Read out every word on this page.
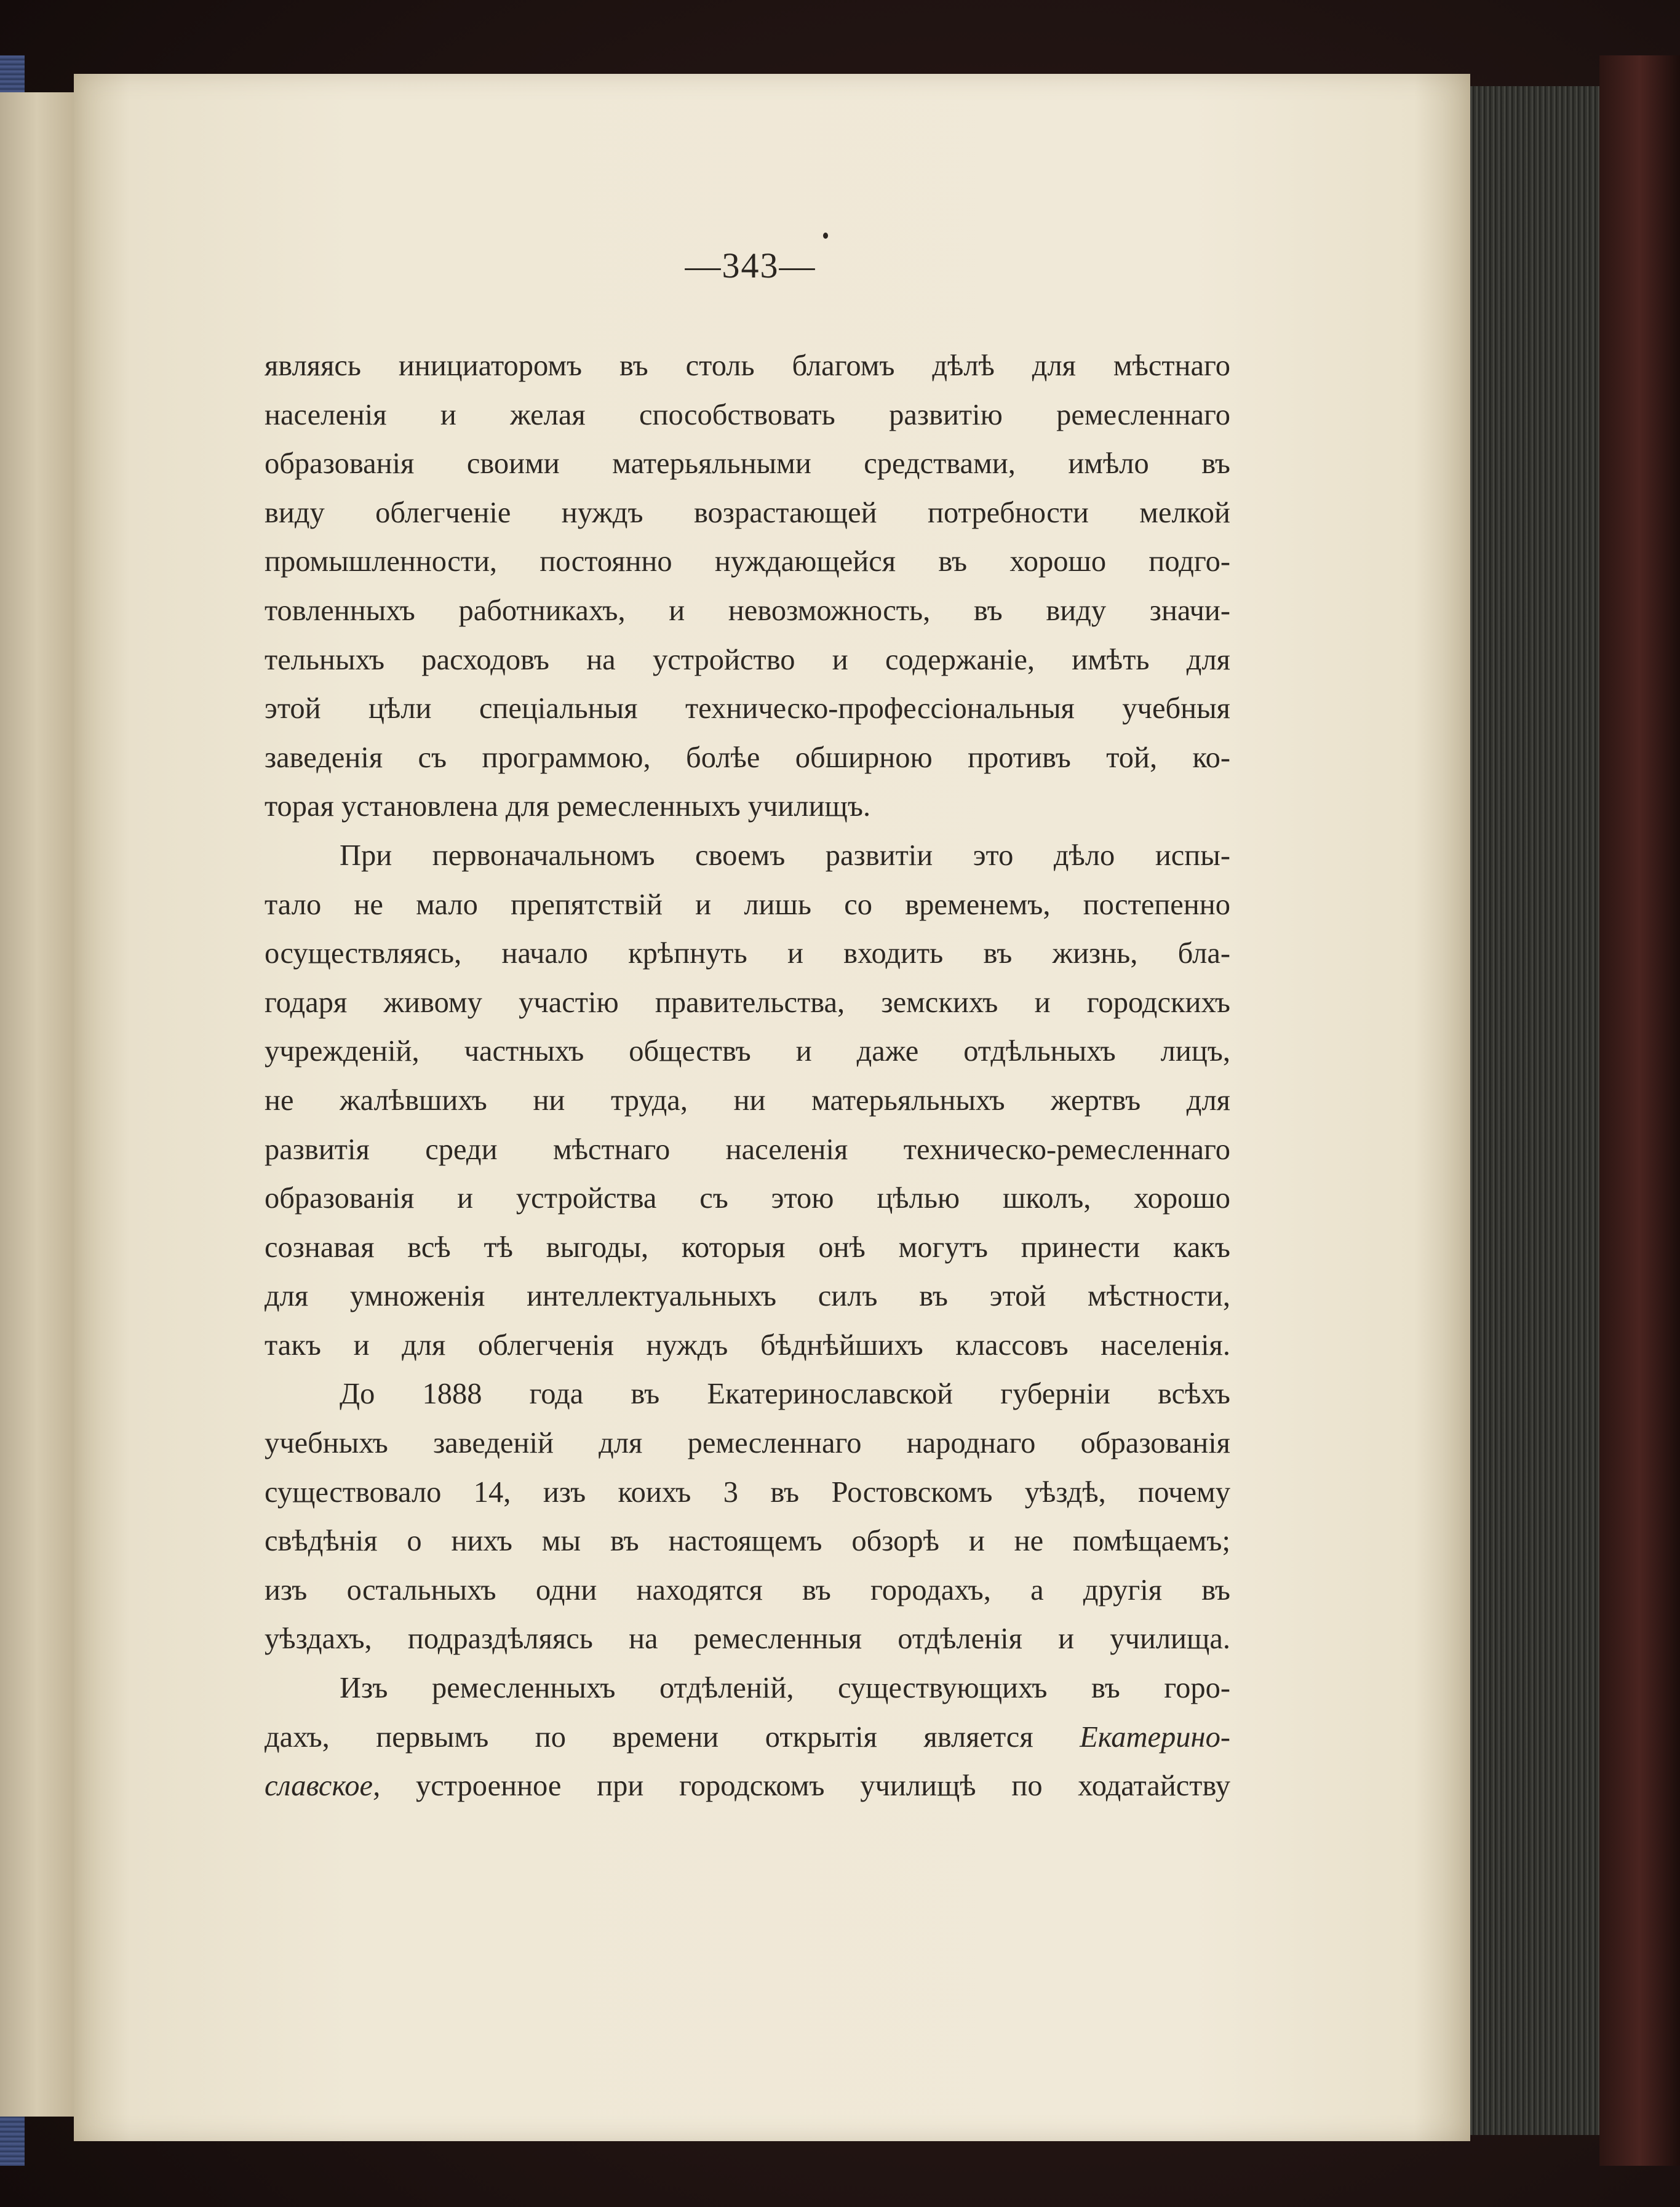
—343—
являясь инициаторомъ въ столь благомъ дѣлѣ для мѣстнаго
населенія и желая способствовать развитію ремесленнаго
образованія своими матерьяльными средствами, имѣло въ
виду облегченіе нуждъ возрастающей потребности мелкой
промышленности, постоянно нуждающейся въ хорошо подго-
товленныхъ работникахъ, и невозможность, въ виду значи-
тельныхъ расходовъ на устройство и содержаніе, имѣть для
этой цѣли спеціальныя техническо-профессіональныя учебныя
заведенія съ программою, болѣе обширною противъ той, ко-
торая установлена для ремесленныхъ училищъ.
При первоначальномъ своемъ развитіи это дѣло испы-
тало не мало препятствій и лишь со временемъ, постепенно
осуществляясь, начало крѣпнуть и входить въ жизнь, бла-
годаря живому участію правительства, земскихъ и городскихъ
учрежденій, частныхъ обществъ и даже отдѣльныхъ лицъ,
не жалѣвшихъ ни труда, ни матерьяльныхъ жертвъ для
развитія среди мѣстнаго населенія техническо-ремесленнаго
образованія и устройства съ этою цѣлью школъ, хорошо
сознавая всѣ тѣ выгоды, которыя онѣ могутъ принести какъ
для умноженія интеллектуальныхъ силъ въ этой мѣстности,
такъ и для облегченія нуждъ бѣднѣйшихъ классовъ населенія.
До 1888 года въ Екатеринославской губерніи всѣхъ
учебныхъ заведеній для ремесленнаго народнаго образованія
существовало 14, изъ коихъ 3 въ Ростовскомъ уѣздѣ, почему
свѣдѣнія о нихъ мы въ настоящемъ обзорѣ и не помѣщаемъ;
изъ остальныхъ одни находятся въ городахъ, а другія въ
уѣздахъ, подраздѣляясь на ремесленныя отдѣленія и училища.
Изъ ремесленныхъ отдѣленій, существующихъ въ горо-
дахъ, первымъ по времени открытія является Екатерино-
славское, устроенное при городскомъ училищѣ по ходатайству
